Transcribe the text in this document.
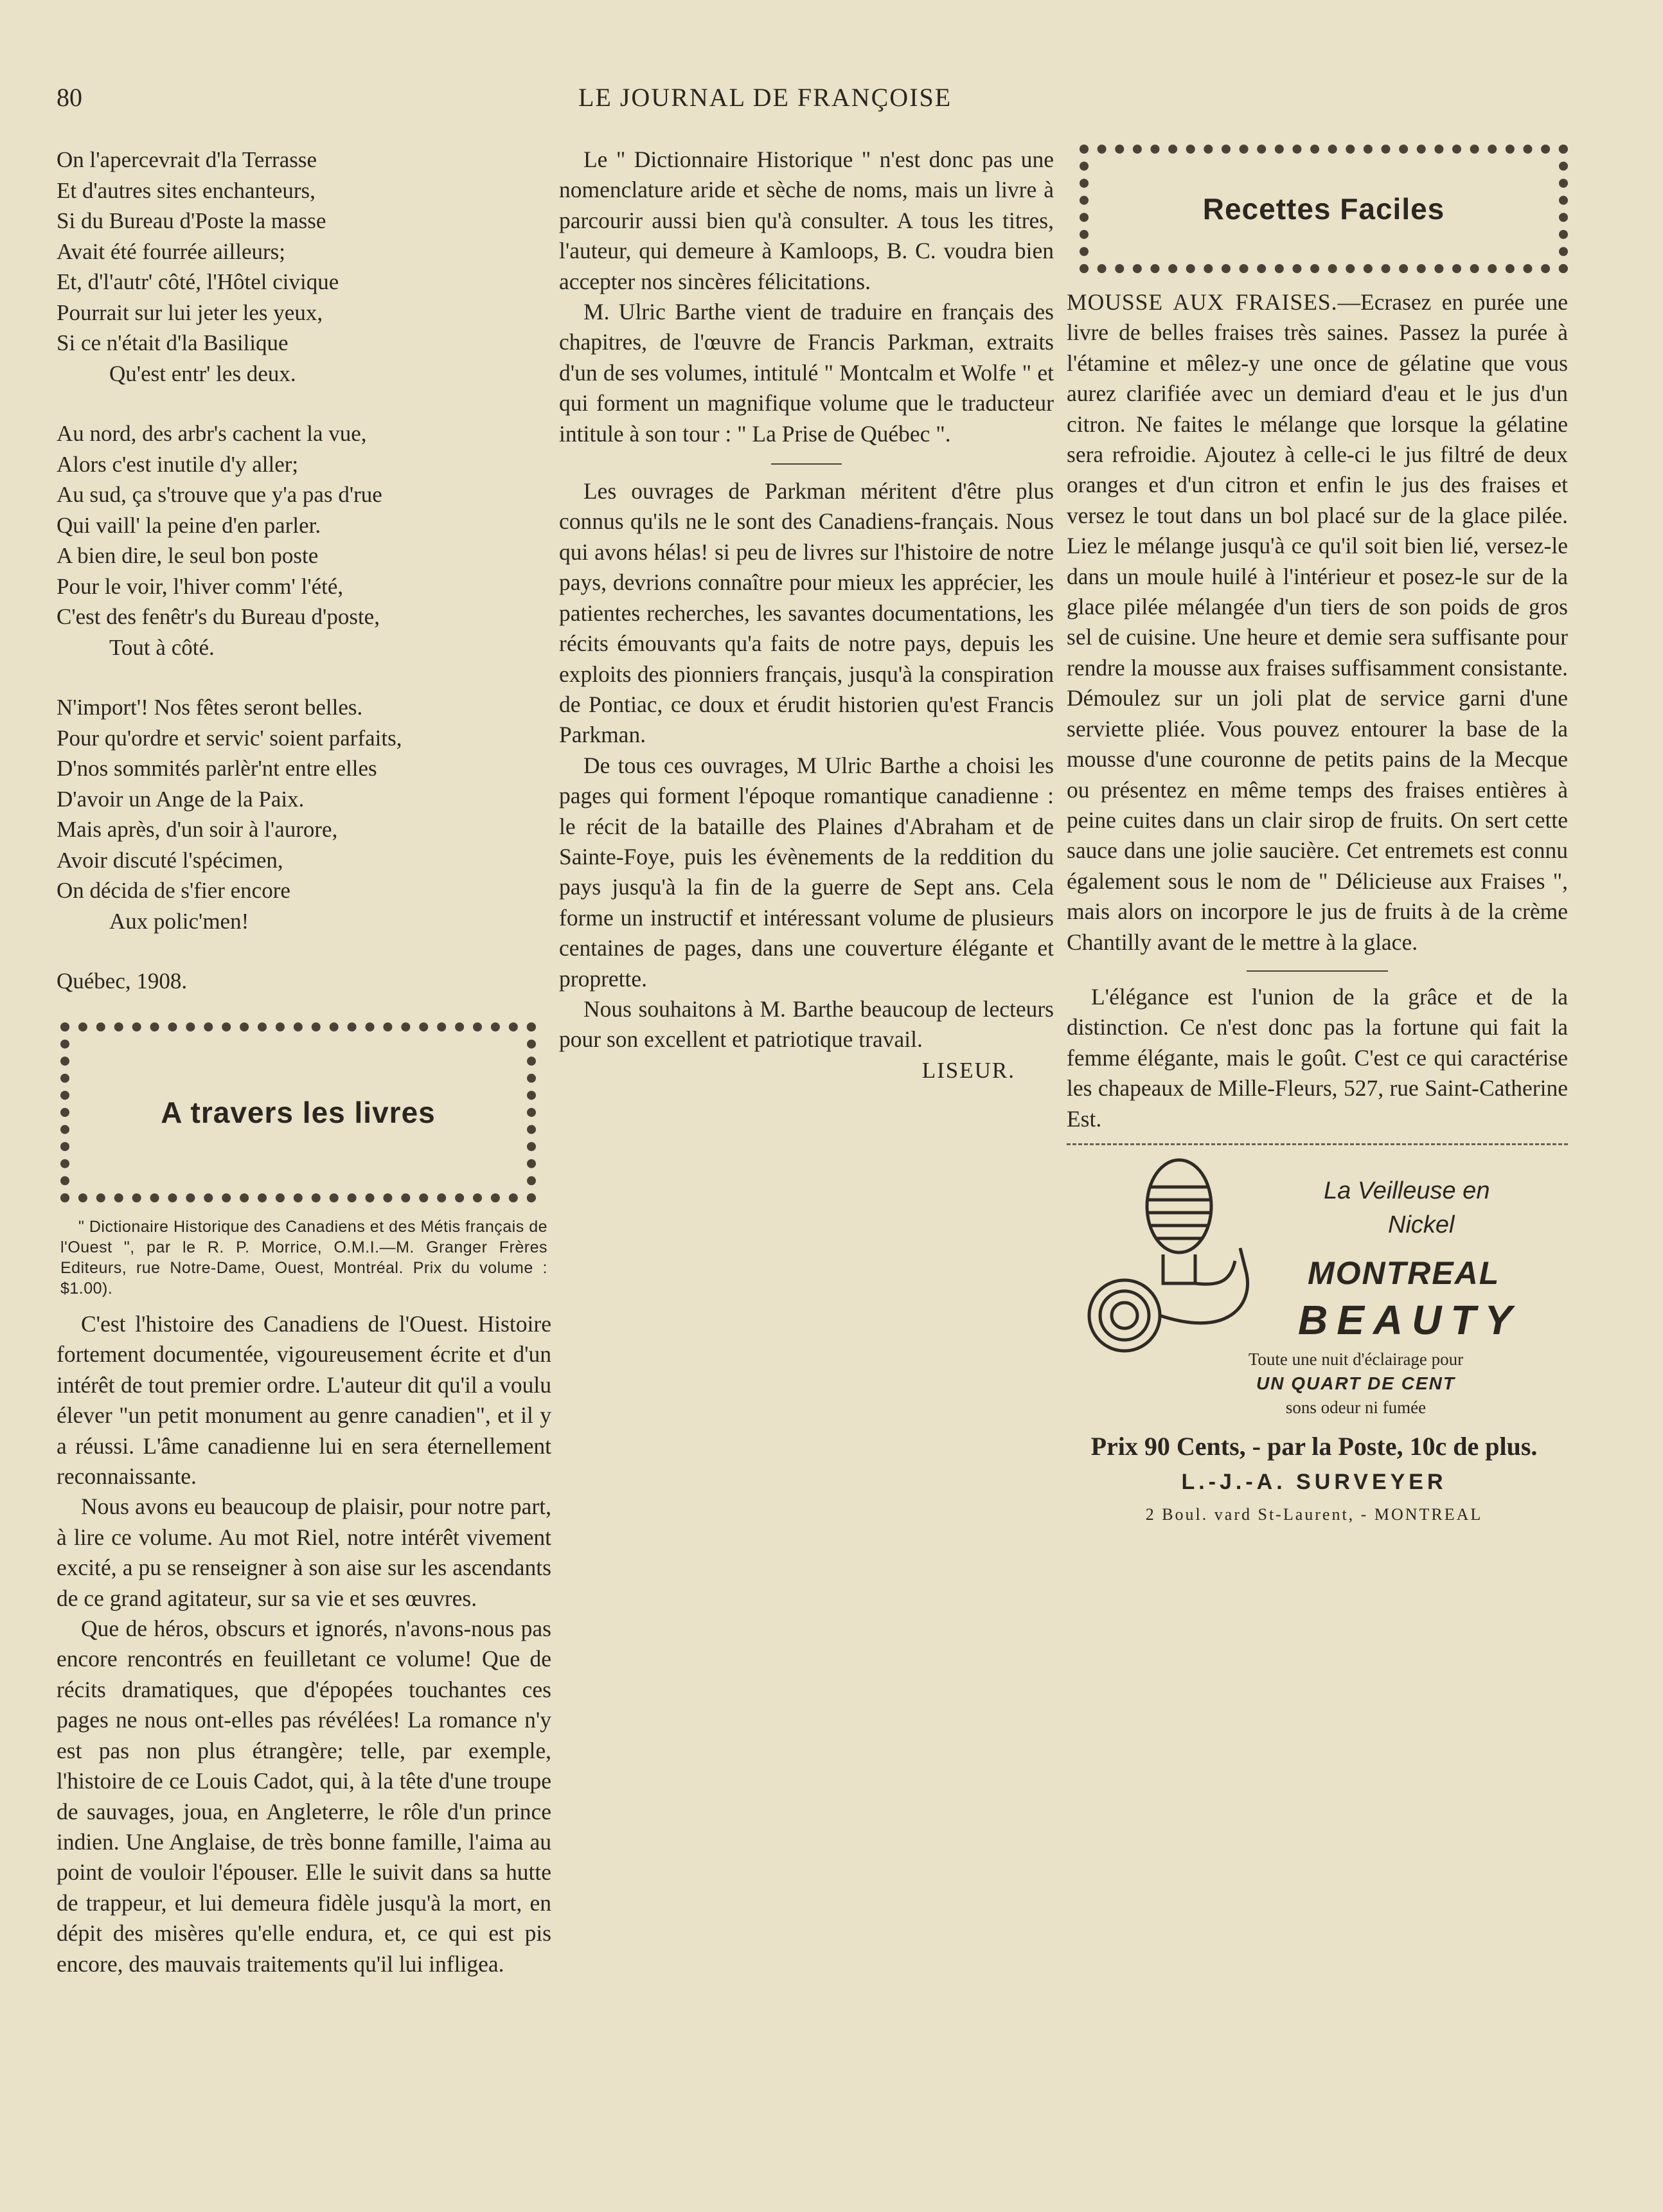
80	LE JOURNAL DE FRANÇOISE
On l'apercevrait d'la Terrasse
Et d'autres sites enchanteurs,
Si du Bureau d'Poste la masse
Avait été fourrée ailleurs;
Et, d'l'autr' côté, l'Hôtel civique
Pourrait sur lui jeter les yeux,
Si ce n'était d'la Basilique
Qu'est entr' les deux.
Au nord, des arbr's cachent la vue,
Alors c'est inutile d'y aller;
Au sud, ça s'trouve que y'a pas d'rue
Qui vaill' la peine d'en parler.
A bien dire, le seul bon poste
Pour le voir, l'hiver comm' l'été,
C'est des fenêtr's du Bureau d'poste,
Tout à côté.
N'import'! Nos fêtes seront belles.
Pour qu'ordre et servic' soient parfaits,
D'nos sommités parlèr'nt entre elles
D'avoir un Ange de la Paix.
Mais après, d'un soir à l'aurore,
Avoir discuté l'spécimen,
On décida de s'fier encore
Aux polic'men!
Québec, 1908.
A travers les livres

" Dictionaire Historique des Canadiens et des Métis français de l'Ouest ", par le R. P. Morrice, O.M.I.—M. Granger Frères Editeurs, rue Notre-Dame, Ouest, Montréal. Prix du volume : $1.00).

C'est l'histoire des Canadiens de l'Ouest. Histoire fortement documentée, vigoureusement écrite et d'un intérêt de tout premier ordre. L'auteur dit qu'il a voulu élever "un petit monument au genre canadien", et il y a réussi. L'âme canadienne lui en sera éternellement reconnaissante.

Nous avons eu beaucoup de plaisir, pour notre part, à lire ce volume. Au mot Riel, notre intérêt vivement excité, a pu se renseigner à son aise sur les ascendants de ce grand agitateur, sur sa vie et ses œuvres.

Que de héros, obscurs et ignorés, n'avons-nous pas encore rencontrés en feuilletant ce volume! Que de récits dramatiques, que d'épopées touchantes ces pages ne nous ont-elles pas révélées! La romance n'y est pas non plus étrangère; telle, par exemple, l'histoire de ce Louis Cadot, qui, à la tête d'une troupe de sauvages, joua, en Angleterre, le rôle d'un prince indien. Une Anglaise, de très bonne famille, l'aima au point de vouloir l'épouser. Elle le suivit dans sa hutte de trappeur, et lui demeura fidèle jusqu'à la mort, en dépit des misères qu'elle endura, et, ce qui est pis encore, des mauvais traitements qu'il lui infligea.

Le " Dictionnaire Historique " n'est donc pas une nomenclature aride et sèche de noms, mais un livre à parcourir aussi bien qu'à consulter. A tous les titres, l'auteur, qui demeure à Kamloops, B. C. voudra bien accepter nos sincères félicitations.

M. Ulric Barthe vient de traduire en français des chapitres, de l'œuvre de Francis Parkman, extraits d'un de ses volumes, intitulé " Montcalm et Wolfe " et qui forment un magnifique volume que le traducteur intitule à son tour : " La Prise de Québec ".

Les ouvrages de Parkman méritent d'être plus connus qu'ils ne le sont des Canadiens-français. Nous qui avons hélas! si peu de livres sur l'histoire de notre pays, devrions connaître pour mieux les apprécier, les patientes recherches, les savantes documentations, les récits émouvants qu'a faits de notre pays, depuis les exploits des pionniers français, jusqu'à la conspiration de Pontiac, ce doux et érudit historien qu'est Francis Parkman.

De tous ces ouvrages, M Ulric Barthe a choisi les pages qui forment l'époque romantique canadienne : le récit de la bataille des Plaines d'Abraham et de Sainte-Foye, puis les évènements de la reddition du pays jusqu'à la fin de la guerre de Sept ans. Cela forme un instructif et intéressant volume de plusieurs centaines de pages, dans une couverture élégante et proprette.

Nous souhaitons à M. Barthe beaucoup de lecteurs pour son excellent et patriotique travail.

LISEUR.
Recettes Faciles

MOUSSE AUX FRAISES.—Ecrasez en purée une livre de belles fraises très saines. Passez la purée à l'étamine et mêlez-y une once de gélatine que vous aurez clarifiée avec un demiard d'eau et le jus d'un citron. Ne faites le mélange que lorsque la gélatine sera refroidie. Ajoutez à celle-ci le jus filtré de deux oranges et d'un citron et enfin le jus des fraises et versez le tout dans un bol placé sur de la glace pilée. Liez le mélange jusqu'à ce qu'il soit bien lié, versez-le dans un moule huilé à l'intérieur et posez-le sur de la glace pilée mélangée d'un tiers de son poids de gros sel de cuisine. Une heure et demie sera suffisante pour rendre la mousse aux fraises suffisamment consistante. Démoulez sur un joli plat de service garni d'une serviette pliée. Vous pouvez entourer la base de la mousse d'une couronne de petits pains de la Mecque ou présentez en même temps des fraises entières à peine cuites dans un clair sirop de fruits. On sert cette sauce dans une jolie saucière. Cet entremets est connu également sous le nom de " Délicieuse aux Fraises ", mais alors on incorpore le jus de fruits à de la crème Chantilly avant de le mettre à la glace.

L'élégance est l'union de la grâce et de la distinction. Ce n'est donc pas la fortune qui fait la femme élégante, mais le goût. C'est ce qui caractérise les chapeaux de Mille-Fleurs, 527, rue Saint-Catherine Est.

La Veilleuse en
Nickel
MONTREAL
BEAUTY
Toute une nuit d'éclairage pour
UN QUART DE CENT
sons odeur ni fumée
Prix 90 Cents, - par la Poste, 10c de plus.
L.-J.-A. SURVEYER
2 Boul. vard St-Laurent, - MONTREAL
